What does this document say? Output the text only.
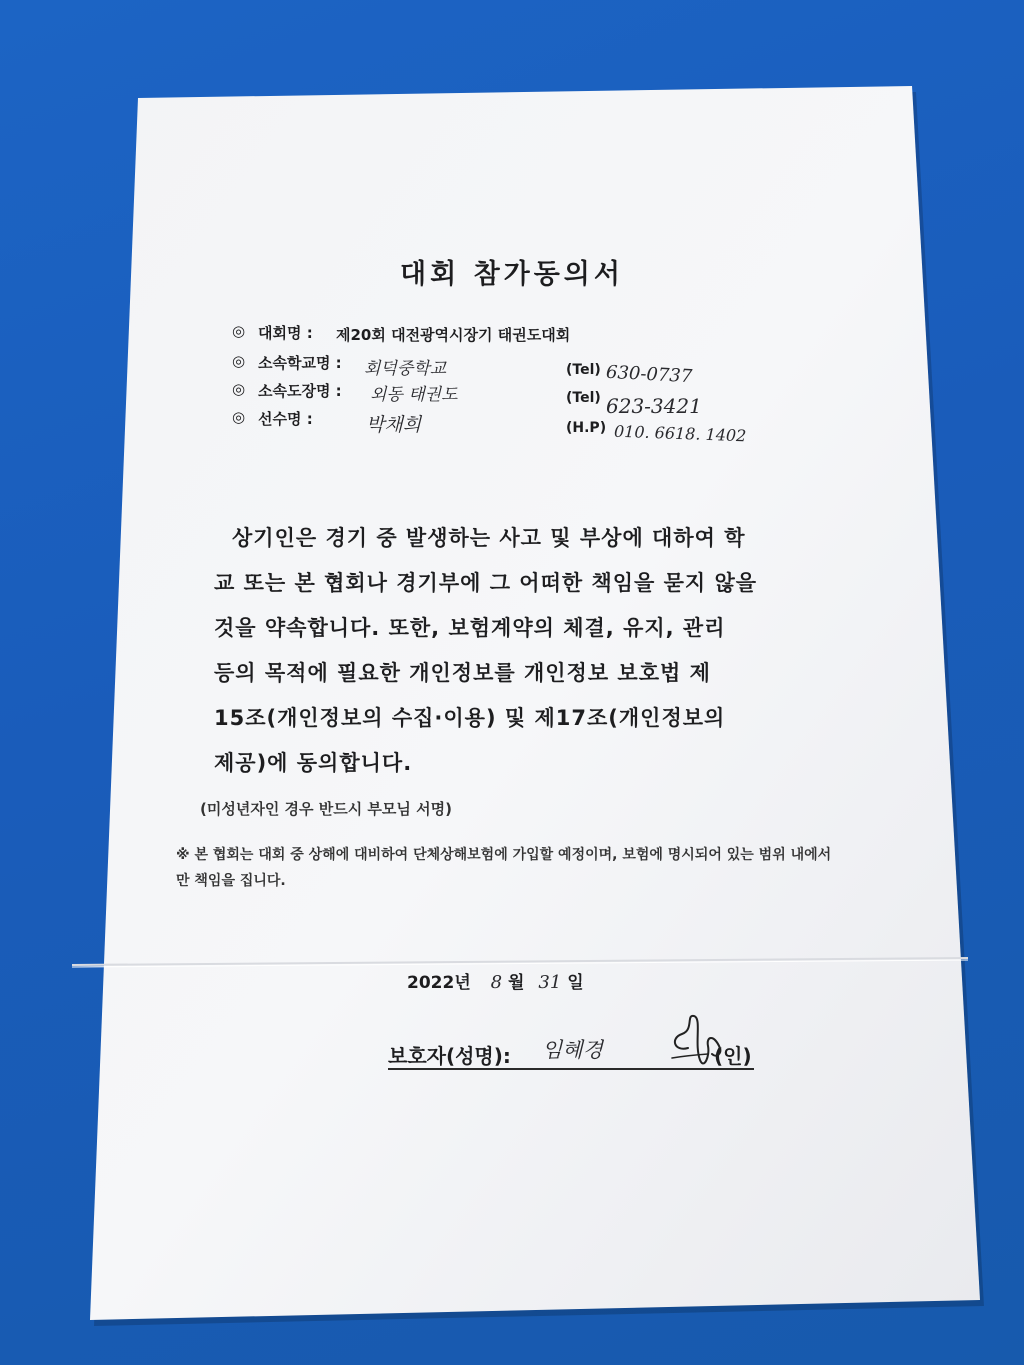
대회 참가동의서
◎ 대회명 : 제20회 대전광역시장기 태권도대회
◎ 소속학교명 : 회덕중학교	(Tel) 630-0737
◎ 소속도장명 : 외동 태권도	(Tel) 623-3421
◎ 선수명 :	박채희	(H.P) 010. 6618. 1402
상기인은 경기 중 발생하는 사고 및 부상에 대하여 학
교 또는 본 협회나 경기부에 그 어떠한 책임을 묻지 않을
것을 약속합니다. 또한, 보험계약의 체결, 유지, 관리
등의 목적에 필요한 개인정보를 개인정보 보호법 제
15조(개인정보의 수집·이용) 및 제17조(개인정보의
제공)에 동의합니다.
(미성년자인 경우 반드시 부모님 서명)
※ 본 협회는 대회 중 상해에 대비하여 단체상해보험에 가입할 예정이며, 보험에 명시되어 있는 범위 내에서만 책임을 집니다.
2022년 8 월 31 일
보호자(성명): 임혜경	(인)
